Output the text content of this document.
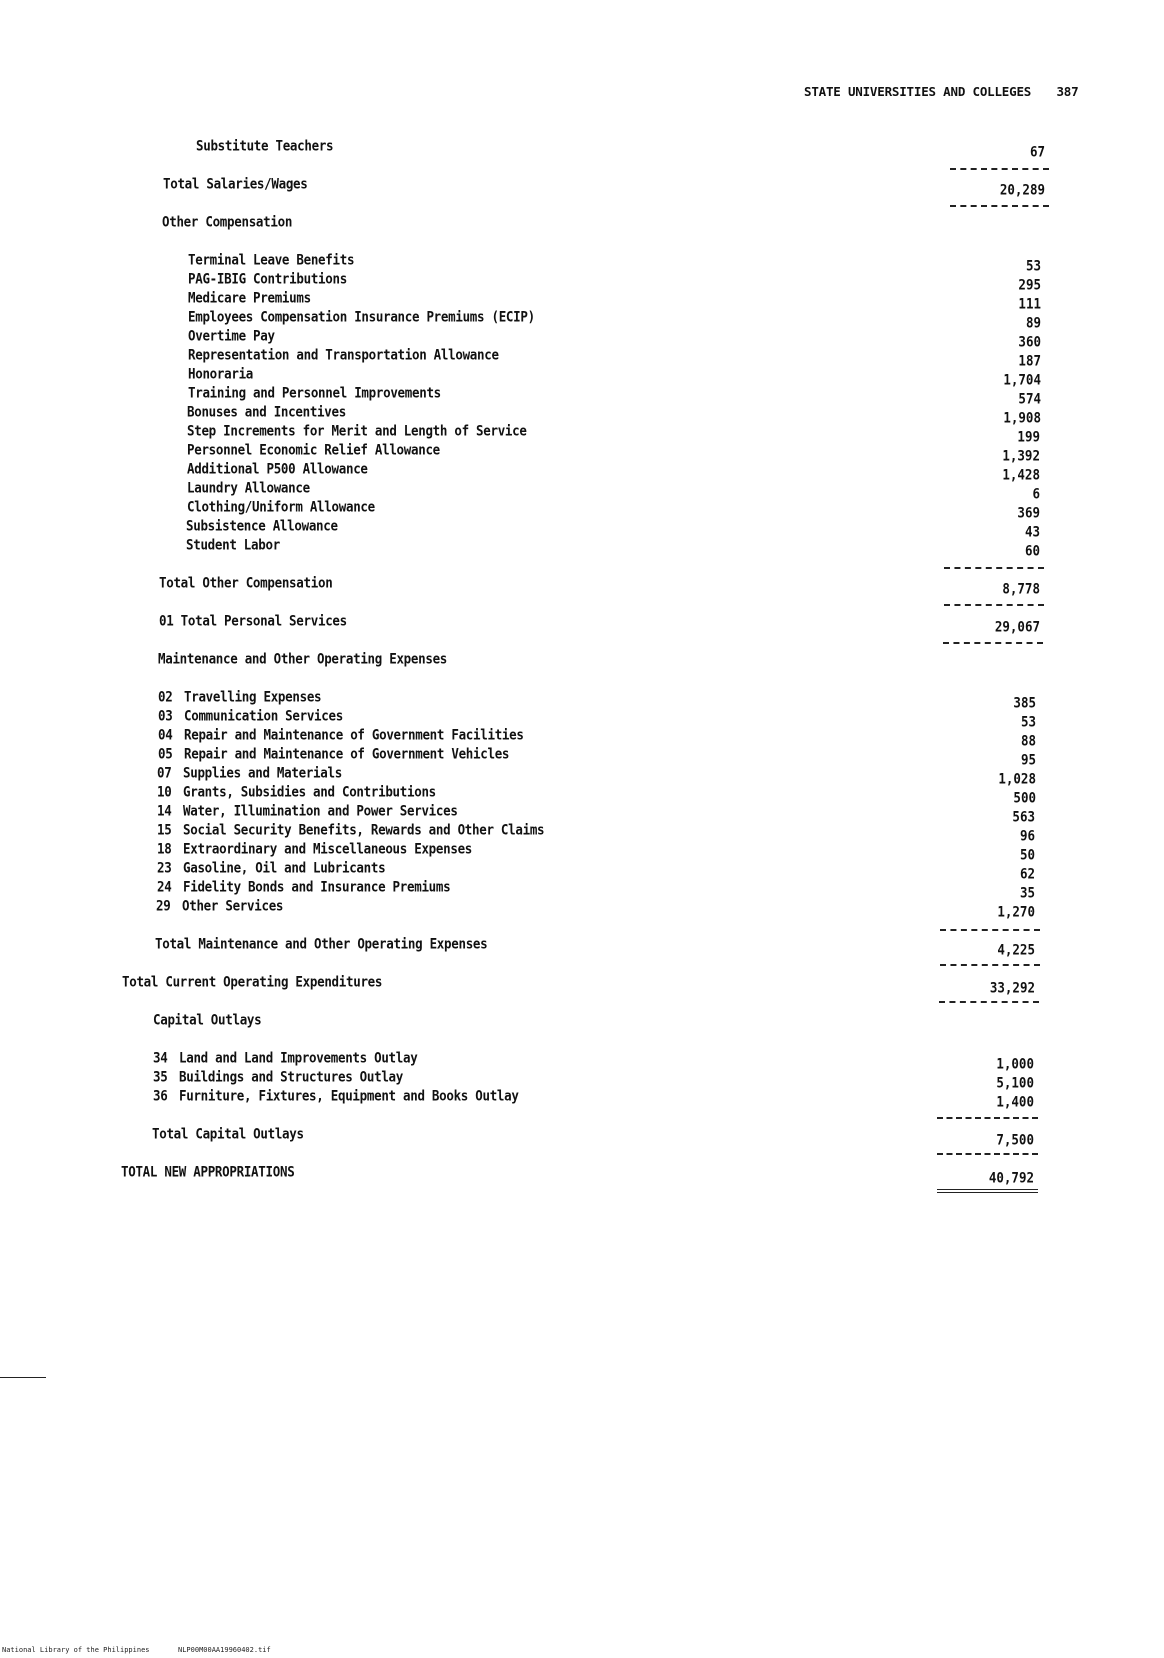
STATE UNIVERSITIES AND COLLEGES 387
Substitute Teachers	67
Total Salaries/Wages	20,289
Other Compensation
Terminal Leave Benefits	53
PAG-IBIG Contributions	295
Medicare Premiums	111
Employees Compensation Insurance Premiums (ECIP)	89
Overtime Pay	360
Representation and Transportation Allowance	187
Honoraria	1,704
Training and Personnel Improvements	574
Bonuses and Incentives	1,908
Step Increments for Merit and Length of Service	199
Personnel Economic Relief Allowance	1,392
Additional P500 Allowance	1,428
Laundry Allowance	6
Clothing/Uniform Allowance	369
Subsistence Allowance	43
Student Labor	60
Total Other Compensation	8,778
01 Total Personal Services	29,067
Maintenance and Other Operating Expenses
02 Travelling Expenses	385
03 Communication Services	53
04 Repair and Maintenance of Government Facilities	88
05 Repair and Maintenance of Government Vehicles	95
07 Supplies and Materials	1,028
10 Grants, Subsidies and Contributions	500
14 Water, Illumination and Power Services	563
15 Social Security Benefits, Rewards and Other Claims	96
18 Extraordinary and Miscellaneous Expenses	50
23 Gasoline, Oil and Lubricants	62
24 Fidelity Bonds and Insurance Premiums	35
29 Other Services	1,270
Total Maintenance and Other Operating Expenses	4,225
Total Current Operating Expenditures	33,292
Capital Outlays
34 Land and Land Improvements Outlay	1,000
35 Buildings and Structures Outlay	5,100
36 Furniture, Fixtures, Equipment and Books Outlay	1,400
Total Capital Outlays	7,500
TOTAL NEW APPROPRIATIONS	40,792
National Library of the Philippines	NLP00M00AA19960402.tif
